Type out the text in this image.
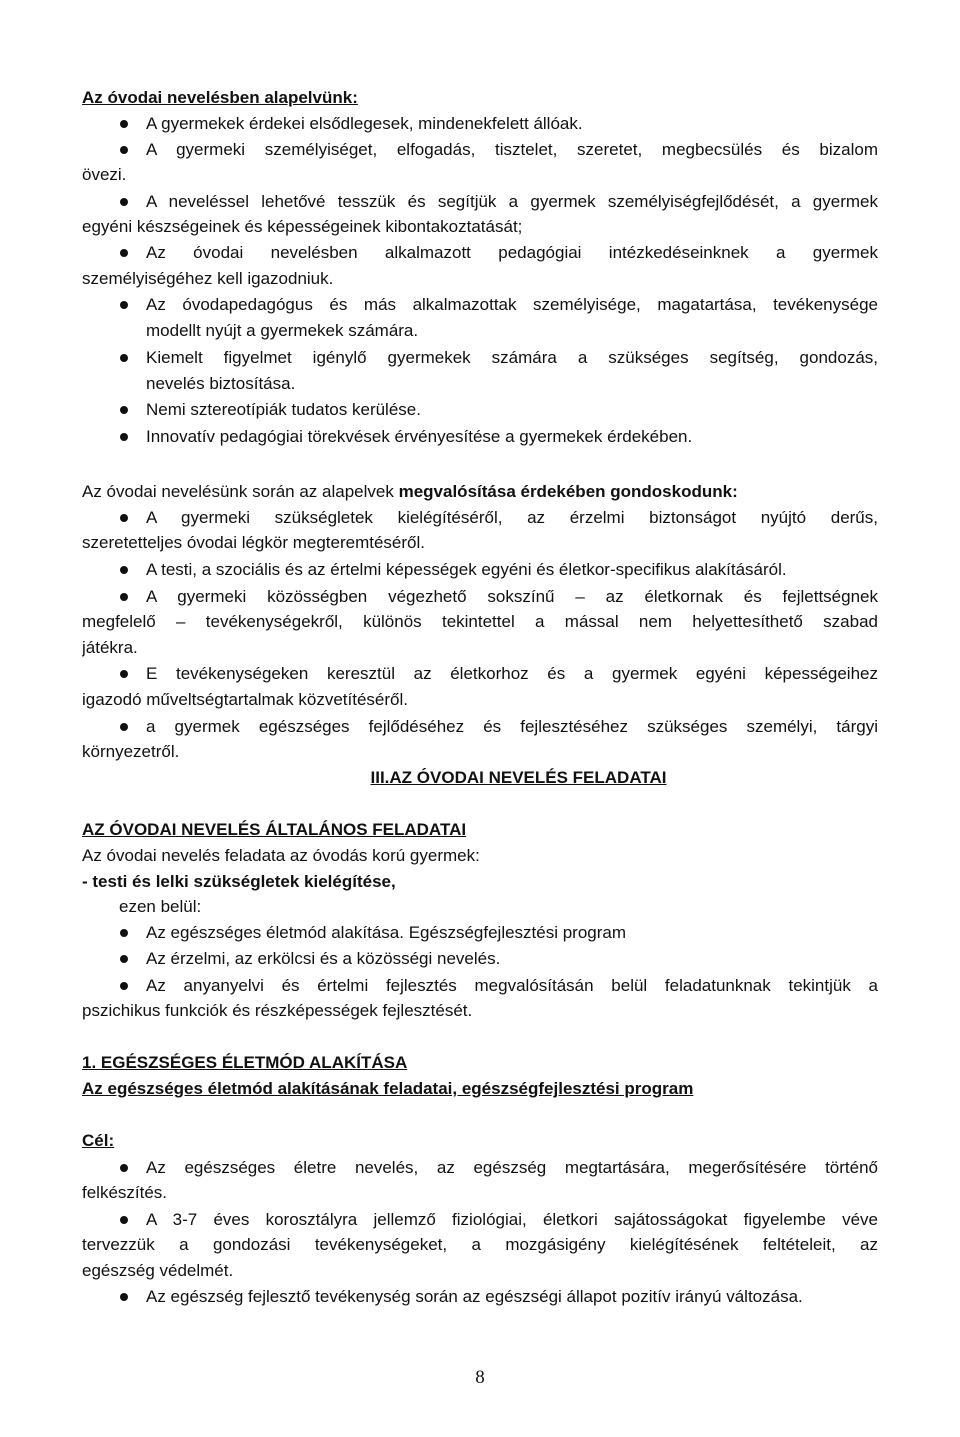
Az óvodai nevelésben alapelvünk:
A gyermekek érdekei elsődlegesek, mindenekfelett állóak.
A gyermeki személyiséget, elfogadás, tisztelet, szeretet, megbecsülés és bizalom
övezi.
A neveléssel lehetővé tesszük és segítjük a gyermek személyiségfejlődését, a gyermek
egyéni készségeinek és képességeinek kibontakoztatását;
Az óvodai nevelésben alkalmazott pedagógiai intézkedéseinknek a gyermek
személyiségéhez kell igazodniuk.
Az óvodapedagógus és más alkalmazottak személyisége, magatartása, tevékenysége
modellt nyújt a gyermekek számára.
Kiemelt figyelmet igénylő gyermekek számára a szükséges segítség, gondozás,
nevelés biztosítása.
Nemi sztereotípiák tudatos kerülése.
Innovatív pedagógiai törekvések érvényesítése a gyermekek érdekében.
Az óvodai nevelésünk során az alapelvek megvalósítása érdekében gondoskodunk:
A gyermeki szükségletek kielégítéséről, az érzelmi biztonságot nyújtó derűs,
szeretetteljes óvodai légkör megteremtéséről.
A testi, a szociális és az értelmi képességek egyéni és életkor-specifikus alakításáról.
A gyermeki közösségben végezhető sokszínű – az életkornak és fejlettségnek
megfelelő – tevékenységekről, különös tekintettel a mással nem helyettesíthető szabad
játékra.
E tevékenységeken keresztül az életkorhoz és a gyermek egyéni képességeihez
igazodó műveltségtartalmak közvetítéséről.
a gyermek egészséges fejlődéséhez és fejlesztéséhez szükséges személyi, tárgyi
környezetről.
III.AZ ÓVODAI NEVELÉS FELADATAI
AZ ÓVODAI NEVELÉS ÁLTALÁNOS FELADATAI
Az óvodai nevelés feladata az óvodás korú gyermek:
- testi és lelki szükségletek kielégítése,
ezen belül:
Az egészséges életmód alakítása. Egészségfejlesztési program
Az érzelmi, az erkölcsi és a közösségi nevelés.
Az anyanyelvi és értelmi fejlesztés megvalósításán belül feladatunknak tekintjük a
pszichikus funkciók és részképességek fejlesztését.
1. EGÉSZSÉGES ÉLETMÓD ALAKÍTÁSA
Az egészséges életmód alakításának feladatai, egészségfejlesztési program
Cél:
Az egészséges életre nevelés, az egészség megtartására, megerősítésére történő
felkészítés.
A 3-7 éves korosztályra jellemző fiziológiai, életkori sajátosságokat figyelembe véve
tervezzük a gondozási tevékenységeket, a mozgásigény kielégítésének feltételeit, az
egészség védelmét.
Az egészség fejlesztő tevékenység során az egészségi állapot pozitív irányú változása.
8
